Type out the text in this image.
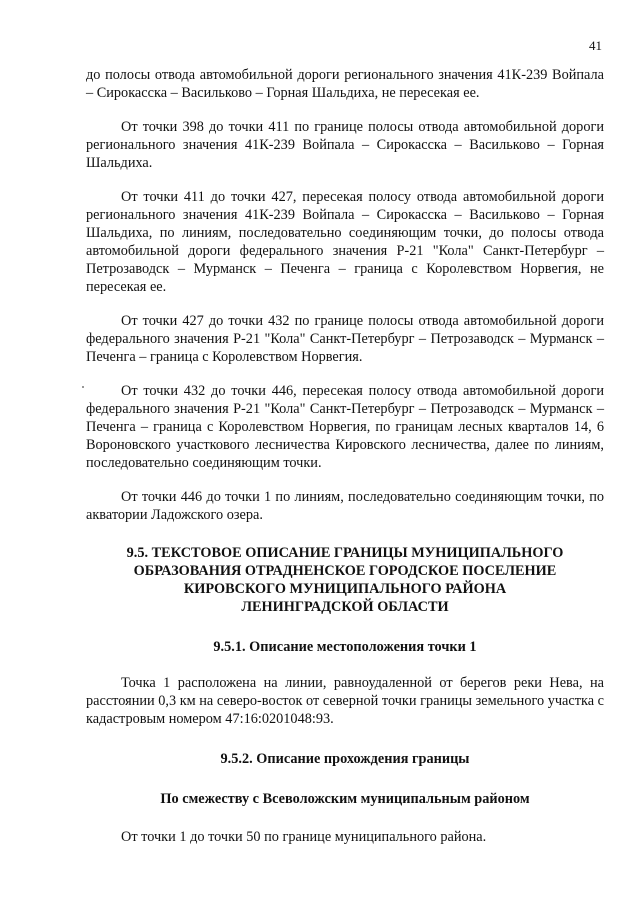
41

до полосы отвода автомобильной дороги регионального значения 41К-239 Войпала – Сирокасска – Васильково – Горная Шальдиха, не пересекая ее.

От точки 398 до точки 411 по границе полосы отвода автомобильной дороги регионального значения 41К-239 Войпала – Сирокасска – Васильково – Горная Шальдиха.

От точки 411 до точки 427, пересекая полосу отвода автомобильной дороги регионального значения 41К-239 Войпала – Сирокасска – Васильково – Горная Шальдиха, по линиям, последовательно соединяющим точки, до полосы отвода автомобильной дороги федерального значения Р-21 "Кола" Санкт-Петербург – Петрозаводск – Мурманск – Печенга – граница с Королевством Норвегия, не пересекая ее.

От точки 427 до точки 432 по границе полосы отвода автомобильной дороги федерального значения Р-21 "Кола" Санкт-Петербург – Петрозаводск – Мурманск – Печенга – граница с Королевством Норвегия.

От точки 432 до точки 446, пересекая полосу отвода автомобильной дороги федерального значения Р-21 "Кола" Санкт-Петербург – Петрозаводск – Мурманск – Печенга – граница с Королевством Норвегия, по границам лесных кварталов 14, 6 Вороновского участкового лесничества Кировского лесничества, далее по линиям, последовательно соединяющим точки.

От точки 446 до точки 1 по линиям, последовательно соединяющим точки, по акватории Ладожского озера.

9.5. ТЕКСТОВОЕ ОПИСАНИЕ ГРАНИЦЫ МУНИЦИПАЛЬНОГО

ОБРАЗОВАНИЯ ОТРАДНЕНСКОЕ ГОРОДСКОЕ ПОСЕЛЕНИЕ

КИРОВСКОГО МУНИЦИПАЛЬНОГО РАЙОНА

ЛЕНИНГРАДСКОЙ ОБЛАСТИ

9.5.1. Описание местоположения точки 1

Точка 1 расположена на линии, равноудаленной от берегов реки Нева, на расстоянии 0,3 км на северо-восток от северной точки границы земельного участка с кадастровым номером 47:16:0201048:93.

9.5.2. Описание прохождения границы

По смежеству с Всеволожским муниципальным районом

От точки 1 до точки 50 по границе муниципального района.
